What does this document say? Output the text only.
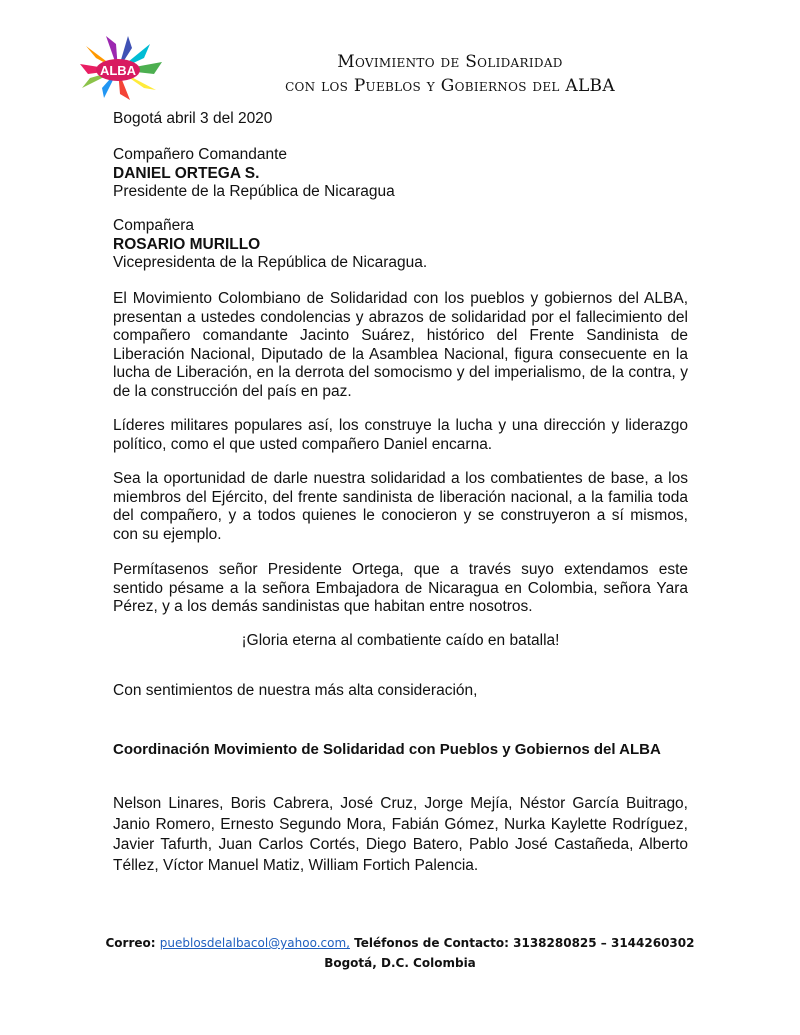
ALBA	Movimiento de Solidaridad
con los Pueblos y Gobiernos del ALBA
Bogotá abril 3 del 2020
Compañero Comandante
DANIEL ORTEGA S.
Presidente de la República de Nicaragua
Compañera
ROSARIO MURILLO
Vicepresidenta de la República de Nicaragua.
El Movimiento Colombiano de Solidaridad con los pueblos y gobiernos del ALBA, presentan a ustedes condolencias y abrazos de solidaridad por el fallecimiento del compañero comandante Jacinto Suárez, histórico del Frente Sandinista de Liberación Nacional, Diputado de la Asamblea Nacional, figura consecuente en la lucha de Liberación, en la derrota del somocismo y del imperialismo, de la contra, y de la construcción del país en paz.
Líderes militares populares así, los construye la lucha y una dirección y liderazgo político, como el que usted compañero Daniel encarna.
Sea la oportunidad de darle nuestra solidaridad a los combatientes de base, a los miembros del Ejército, del frente sandinista de liberación nacional, a la familia toda del compañero, y a todos quienes le conocieron y se construyeron a sí mismos, con su ejemplo.
Permítasenos señor Presidente Ortega, que a través suyo extendamos este sentido pésame a la señora Embajadora de Nicaragua en Colombia, señora Yara Pérez, y a los demás sandinistas que habitan entre nosotros.
¡Gloria eterna al combatiente caído en batalla!
Con sentimientos de nuestra más alta consideración,
Coordinación Movimiento de Solidaridad con Pueblos y Gobiernos del ALBA
Nelson Linares, Boris Cabrera, José Cruz, Jorge Mejía, Néstor García Buitrago, Janio Romero, Ernesto Segundo Mora, Fabián Gómez, Nurka Kaylette Rodríguez, Javier Tafurth, Juan Carlos Cortés, Diego Batero, Pablo José Castañeda, Alberto Téllez, Víctor Manuel Matiz, William Fortich Palencia.
Correo: pueblosdelalbacol@yahoo.com, Teléfonos de Contacto: 3138280825 – 3144260302
Bogotá, D.C. Colombia
